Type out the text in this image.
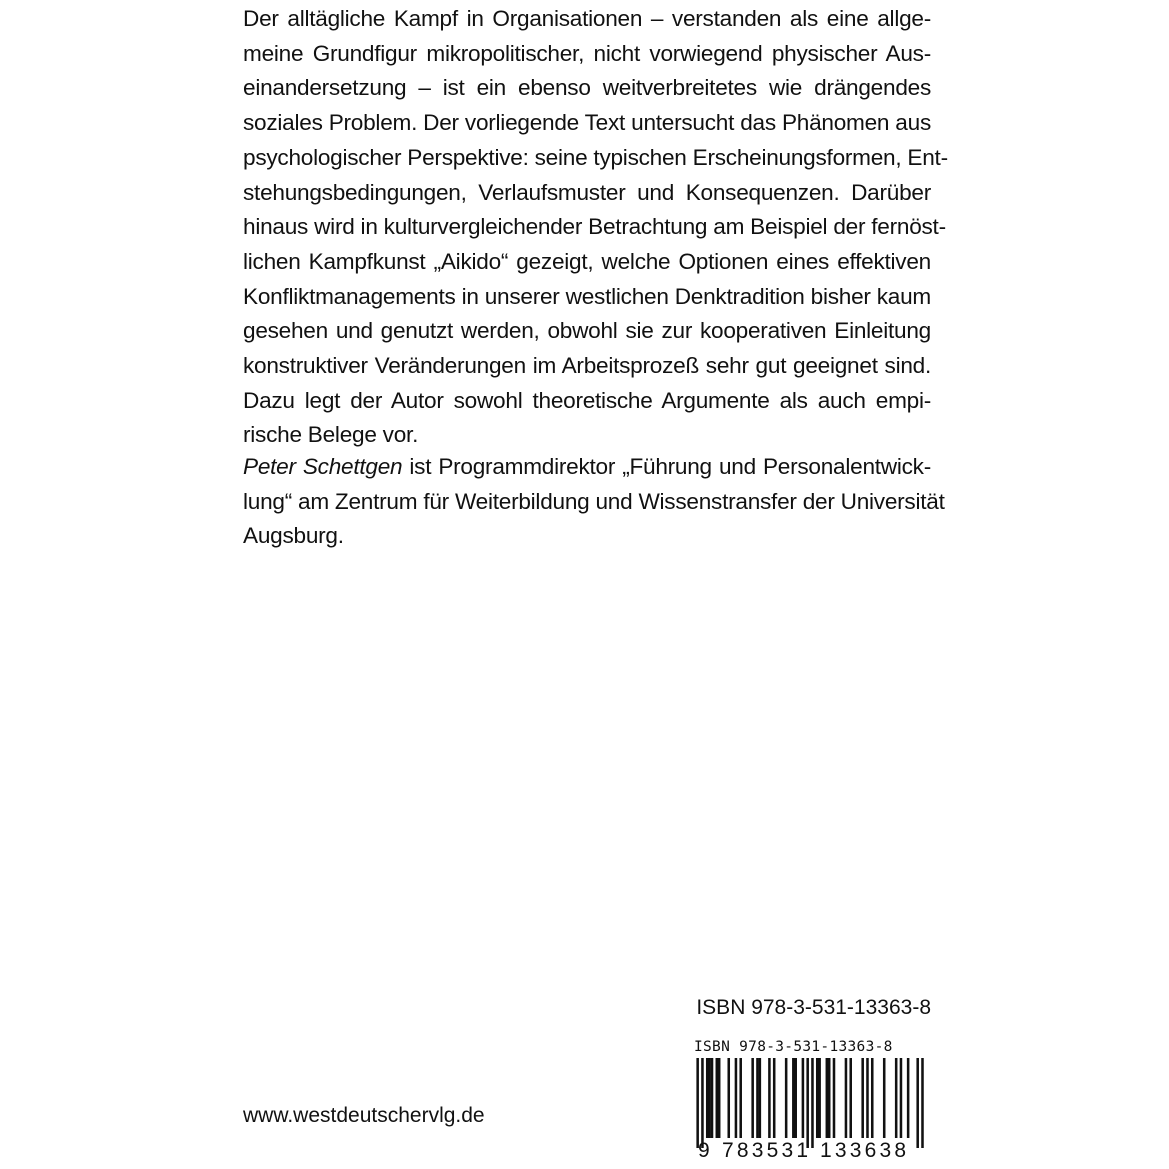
Der alltägliche Kampf in Organisationen – verstanden als eine allge-
meine Grundfigur mikropolitischer, nicht vorwiegend physischer Aus-
einandersetzung – ist ein ebenso weitverbreitetes wie drängendes
soziales Problem. Der vorliegende Text untersucht das Phänomen aus
psychologischer Perspektive: seine typischen Erscheinungsformen, Ent-
stehungsbedingungen, Verlaufsmuster und Konsequenzen. Darüber
hinaus wird in kulturvergleichender Betrachtung am Beispiel der fernöst-
lichen Kampfkunst „Aikido“ gezeigt, welche Optionen eines effektiven
Konfliktmanagements in unserer westlichen Denktradition bisher kaum
gesehen und genutzt werden, obwohl sie zur kooperativen Einleitung
konstruktiver Veränderungen im Arbeitsprozeß sehr gut geeignet sind.
Dazu legt der Autor sowohl theoretische Argumente als auch empi-
rische Belege vor.
Peter Schettgen ist Programmdirektor „Führung und Personalentwick-
lung“ am Zentrum für Weiterbildung und Wissenstransfer der Universität
Augsburg.
ISBN 978-3-531-13363-8
ISBN 978-3-531-13363-8
9 783531 133638
www.westdeutschervlg.de
